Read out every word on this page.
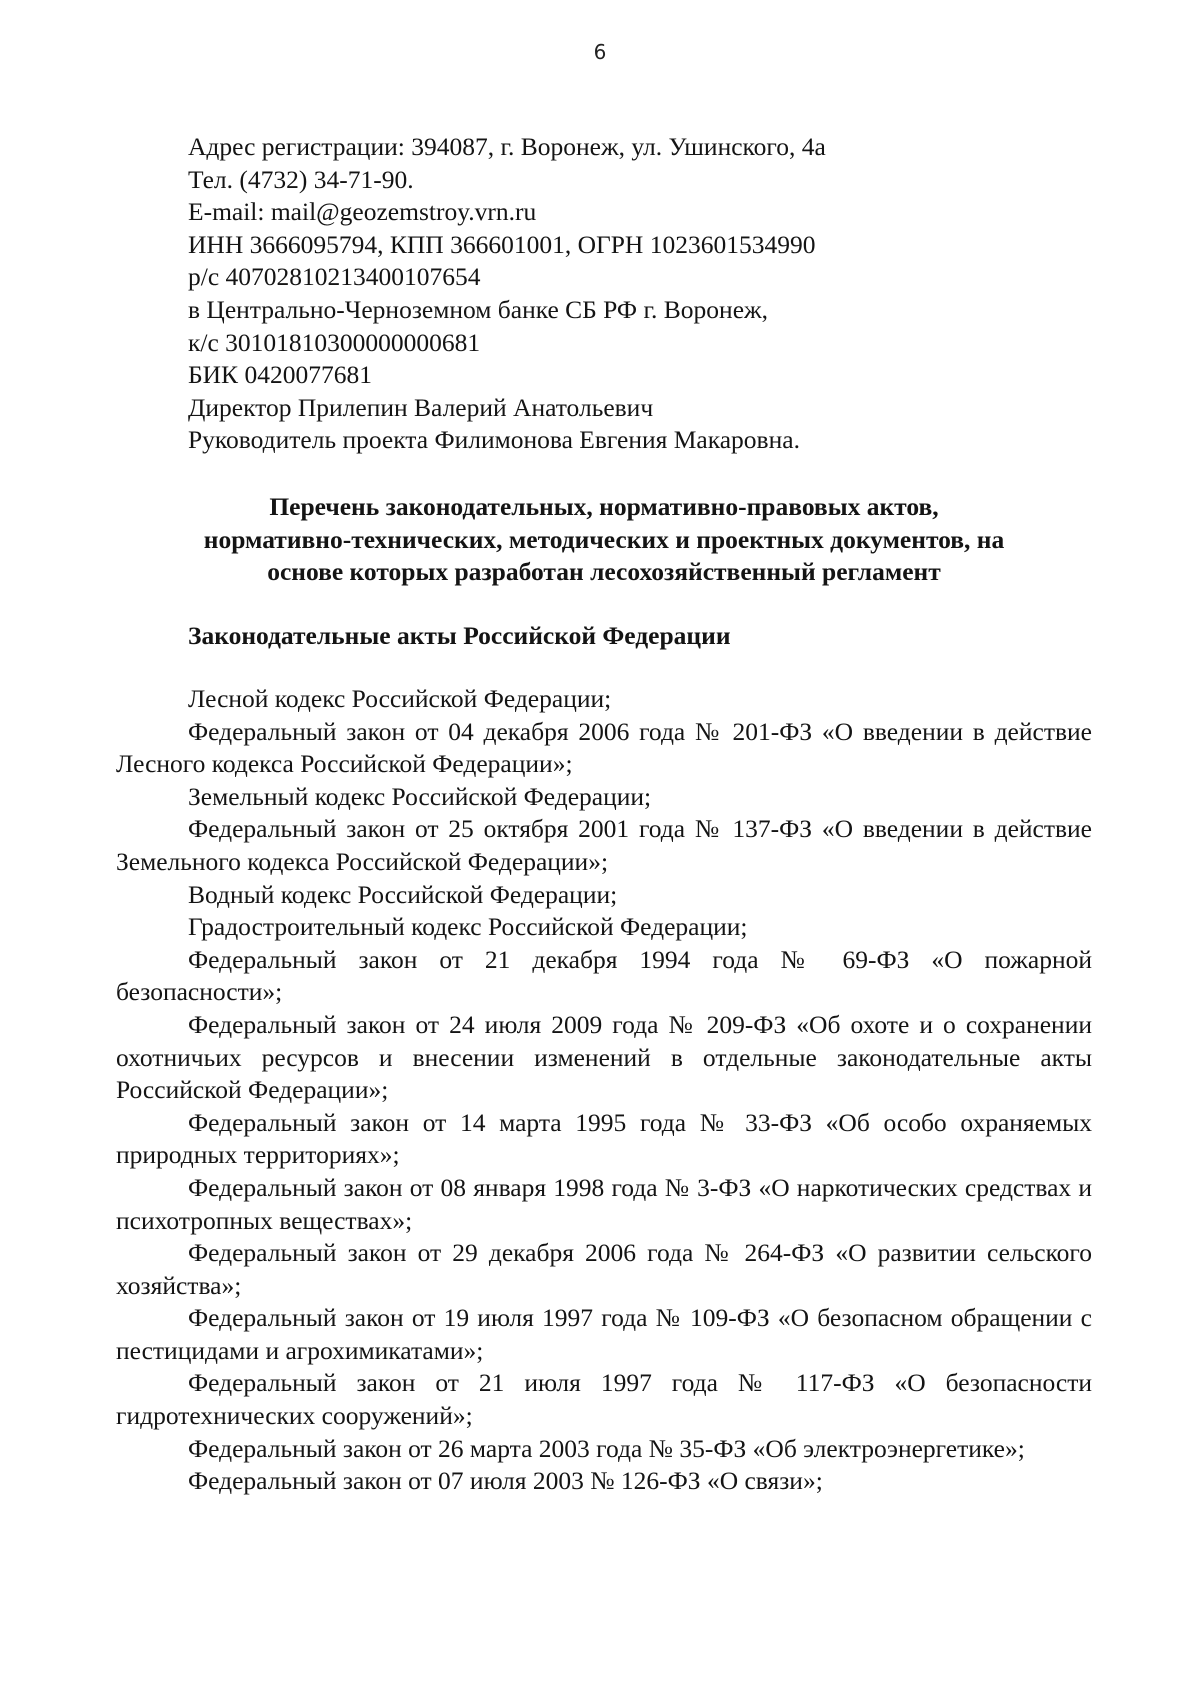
6
Адрес регистрации: 394087, г. Воронеж, ул. Ушинского, 4а
Тел. (4732) 34-71-90.
E-mail: mail@geozemstroy.vrn.ru
ИНН 3666095794, КПП 366601001, ОГРН 1023601534990
р/с 40702810213400107654
в Центрально-Черноземном банке СБ РФ г. Воронеж,
к/с 30101810300000000681
БИК 0420077681
Директор Прилепин Валерий Анатольевич
Руководитель проекта Филимонова Евгения Макаровна.
Перечень законодательных, нормативно-правовых актов,
нормативно-технических, методических и проектных документов, на
основе которых разработан лесохозяйственный регламент
Законодательные акты Российской Федерации
Лесной кодекс Российской Федерации;
Федеральный закон от 04 декабря 2006 года № 201-ФЗ «О введении в действие Лесного кодекса Российской Федерации»;
Земельный кодекс Российской Федерации;
Федеральный закон от 25 октября 2001 года № 137-ФЗ «О введении в действие Земельного кодекса Российской Федерации»;
Водный кодекс Российской Федерации;
Градостроительный кодекс Российской Федерации;
Федеральный закон от 21 декабря 1994 года № 69-ФЗ «О пожарной безопасности»;
Федеральный закон от 24 июля 2009 года № 209-ФЗ «Об охоте и о сохранении охотничьих ресурсов и внесении изменений в отдельные законодательные акты Российской Федерации»;
Федеральный закон от 14 марта 1995 года № 33-ФЗ «Об особо охраняемых природных территориях»;
Федеральный закон от 08 января 1998 года № 3-ФЗ «О наркотических средствах и психотропных веществах»;
Федеральный закон от 29 декабря 2006 года № 264-ФЗ «О развитии сельского хозяйства»;
Федеральный закон от 19 июля 1997 года № 109-ФЗ «О безопасном обращении с пестицидами и агрохимикатами»;
Федеральный закон от 21 июля 1997 года № 117-ФЗ «О безопасности гидротехнических сооружений»;
Федеральный закон от 26 марта 2003 года № 35-ФЗ «Об электроэнергетике»;
Федеральный закон от 07 июля 2003 № 126-ФЗ «О связи»;
